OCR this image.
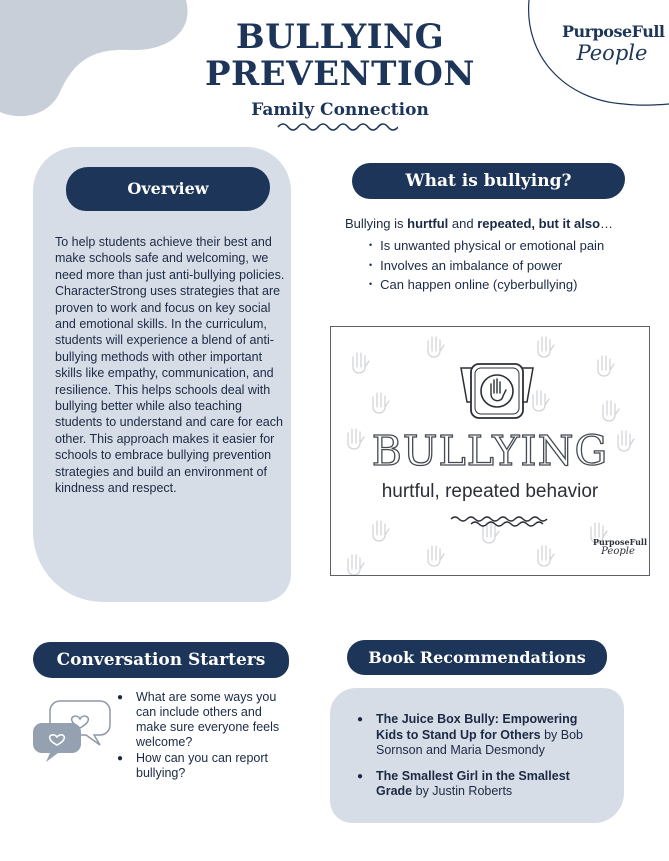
PurposeFull
People
BULLYING
PREVENTION
Family Connection
Overview

To help students achieve their best and make schools safe and welcoming, we need more than just anti-bullying policies. CharacterStrong uses strategies that are proven to work and focus on key social and emotional skills. In the curriculum, students will experience a blend of anti-bullying methods with other important skills like empathy, communication, and resilience. This helps schools deal with bullying better while also teaching students to understand and care for each other. This approach makes it easier for schools to embrace bullying prevention strategies and build an environment of kindness and respect.

What is bullying?

Bullying is hurtful and repeated, but it also…

• Is unwanted physical or emotional pain
• Involves an imbalance of power
• Can happen online (cyberbullying)
BULLYING
hurtful, repeated behavior
PurposeFull
People
Conversation Starters
● What are some ways you can include others and make sure everyone feels welcome?
● How can you can report bullying?
Book Recommendations
● The Juice Box Bully: Empowering Kids to Stand Up for Others by Bob Sornson and Maria Desmondy
● The Smallest Girl in the Smallest Grade by Justin Roberts
